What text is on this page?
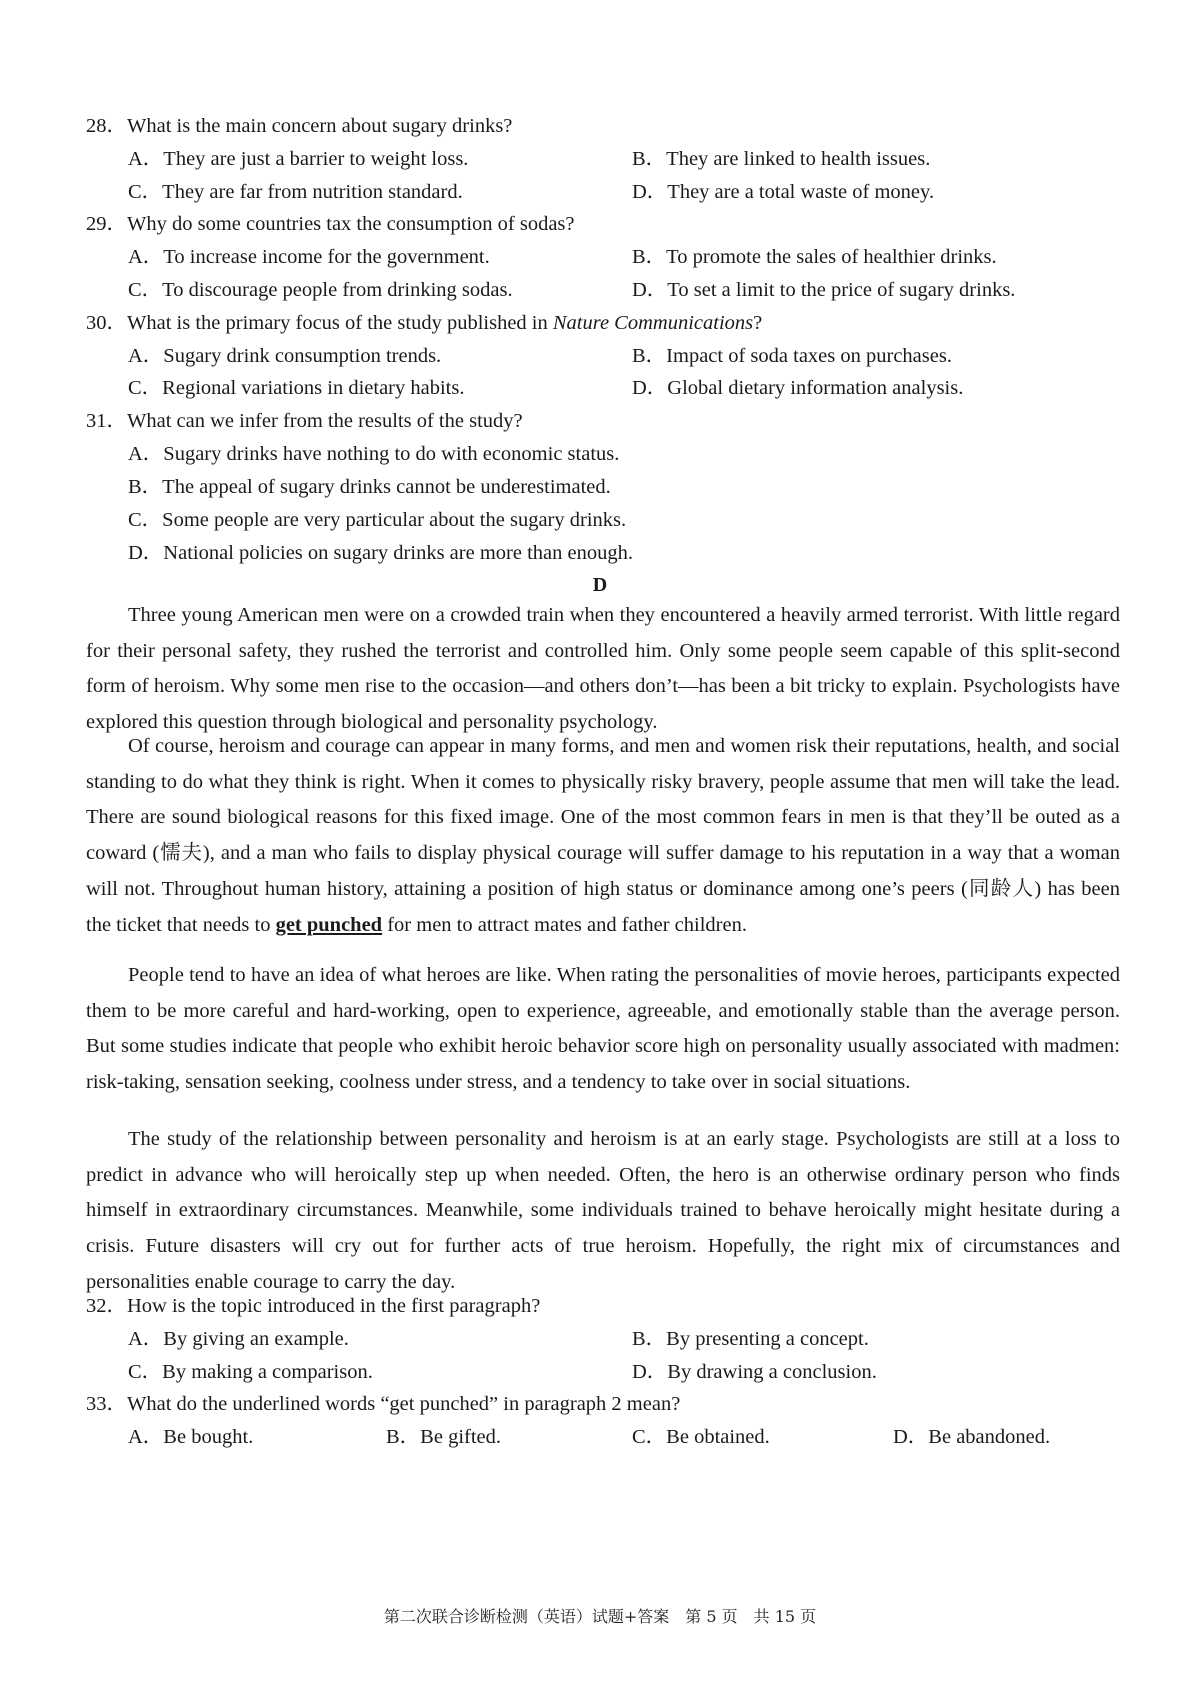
28．What is the main concern about sugary drinks?
A．They are just a barrier to weight loss.	B．They are linked to health issues.
C．They are far from nutrition standard.	D．They are a total waste of money.
29．Why do some countries tax the consumption of sodas?
A．To increase income for the government.	B．To promote the sales of healthier drinks.
C．To discourage people from drinking sodas.	D．To set a limit to the price of sugary drinks.
30．What is the primary focus of the study published in Nature Communications?
A．Sugary drink consumption trends.	B．Impact of soda taxes on purchases.
C．Regional variations in dietary habits.	D．Global dietary information analysis.
31．What can we infer from the results of the study?
A．Sugary drinks have nothing to do with economic status.
B．The appeal of sugary drinks cannot be underestimated.
C．Some people are very particular about the sugary drinks.
D．National policies on sugary drinks are more than enough.
D

Three young American men were on a crowded train when they encountered a heavily armed terrorist. With little regard for their personal safety, they rushed the terrorist and controlled him. Only some people seem capable of this split-second form of heroism. Why some men rise to the occasion—and others don’t—has been a bit tricky to explain. Psychologists have explored this question through biological and personality psychology.

Of course, heroism and courage can appear in many forms, and men and women risk their reputations, health, and social standing to do what they think is right. When it comes to physically risky bravery, people assume that men will take the lead. There are sound biological reasons for this fixed image. One of the most common fears in men is that they’ll be outed as a coward (懦夫), and a man who fails to display physical courage will suffer damage to his reputation in a way that a woman will not. Throughout human history, attaining a position of high status or dominance among one’s peers (同龄人) has been the ticket that needs to get punched for men to attract mates and father children.

People tend to have an idea of what heroes are like. When rating the personalities of movie heroes, participants expected them to be more careful and hard-working, open to experience, agreeable, and emotionally stable than the average person. But some studies indicate that people who exhibit heroic behavior score high on personality usually associated with madmen: risk-taking, sensation seeking, coolness under stress, and a tendency to take over in social situations.

The study of the relationship between personality and heroism is at an early stage. Psychologists are still at a loss to predict in advance who will heroically step up when needed. Often, the hero is an otherwise ordinary person who finds himself in extraordinary circumstances. Meanwhile, some individuals trained to behave heroically might hesitate during a crisis. Future disasters will cry out for further acts of true heroism. Hopefully, the right mix of circumstances and personalities enable courage to carry the day.

32．How is the topic introduced in the first paragraph?
A．By giving an example.	B．By presenting a concept.
C．By making a comparison.	D．By drawing a conclusion.
33．What do the underlined words “get punched” in paragraph 2 mean?
A．Be bought.	B．Be gifted.	C．Be obtained.	D．Be abandoned.
第二次联合诊断检测（英语）试题+答案　第 5 页　共 15 页
